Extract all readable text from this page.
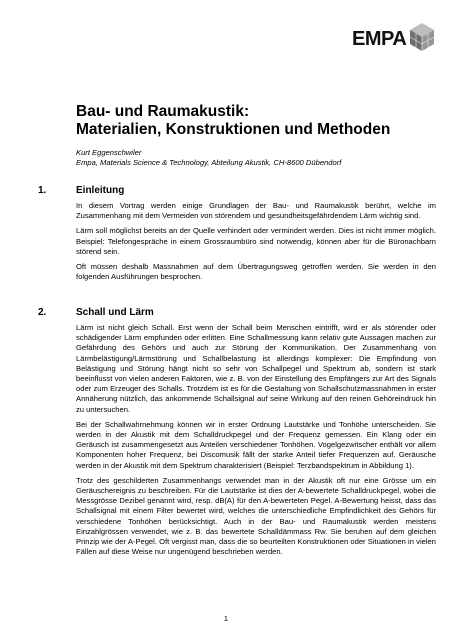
EMPA
Bau- und Raumakustik:
Materialien, Konstruktionen und Methoden
Kurt Eggenschwiler
Empa, Materials Science & Technology, Abteilung Akustik, CH-8600 Dübendorf
1.	Einleitung

In diesem Vortrag werden einige Grundlagen der Bau- und Raumakustik berührt, welche im Zusammenhang mit dem Vermeiden von störendem und gesundheitsgefährdendem Lärm wichtig sind.

Lärm soll möglichst bereits an der Quelle verhindert oder vermindert werden. Dies ist nicht immer möglich. Beispiel: Telefongespräche in einem Grossraumbüro sind notwendig, können aber für die Büronachbarn störend sein.

Oft müssen deshalb Massnahmen auf dem Übertragungsweg getroffen werden. Sie werden in den folgenden Ausführungen besprochen.

2.	Schall und Lärm

Lärm ist nicht gleich Schall. Erst wenn der Schall beim Menschen eintrifft, wird er als störender oder schädigender Lärm empfunden oder erlitten. Eine Schallmessung kann relativ gute Aussagen machen zur Gefährdung des Gehörs und auch zur Störung der Kommunikation. Der Zusammenhang von Lärmbelästigung/Lärmstörung und Schallbelastung ist allerdings komplexer: Die Empfindung von Belästigung und Störung hängt nicht so sehr von Schallpegel und Spektrum ab, sondern ist stark beeinflusst von vielen anderen Faktoren, wie z. B. von der Einstellung des Empfängers zur Art des Signals oder zum Erzeuger des Schalls. Trotzdem ist es für die Gestaltung von Schallschutzmassnahmen in erster Annäherung nützlich, das ankommende Schallsignal auf seine Wirkung auf den reinen Gehöreindruck hin zu untersuchen.

Bei der Schallwahrnehmung können wir in erster Ordnung Lautstärke und Tonhöhe unterscheiden. Sie werden in der Akustik mit dem Schalldruckpegel und der Frequenz gemessen. Ein Klang oder ein Geräusch ist zusammengesetzt aus Anteilen verschiedener Tonhöhen. Vogelgezwitscher enthält vor allem Komponenten hoher Frequenz, bei Discomusik fällt der starke Anteil tiefer Frequenzen auf. Geräusche werden in der Akustik mit dem Spektrum charakterisiert (Beispiel: Terzbandspektrum in Abbildung 1).

Trotz des geschilderten Zusammenhangs verwendet man in der Akustik oft nur eine Grösse um ein Geräuschereignis zu beschreiben. Für die Lautstärke ist dies der A-bewertete Schalldruckpegel, wobei die Messgrösse Dezibel genannt wird, resp. dB(A) für den A-bewerteten Pegel. A-Bewertung heisst, dass das Schallsignal mit einem Filter bewertet wird, welches die unterschiedliche Empfindlichkeit des Gehörs für verschiedene Tonhöhen berücksichtigt. Auch in der Bau- und Raumakustik werden meistens Einzahlgrössen verwendet, wie z. B. das bewertete Schalldämmass Rw. Sie beruhen auf dem gleichen Prinzip wie der A-Pegel. Oft vergisst man, dass die so beurteilten Konstruktionen oder Situationen in vielen Fällen auf diese Weise nur ungenügend beschrieben werden.

1
